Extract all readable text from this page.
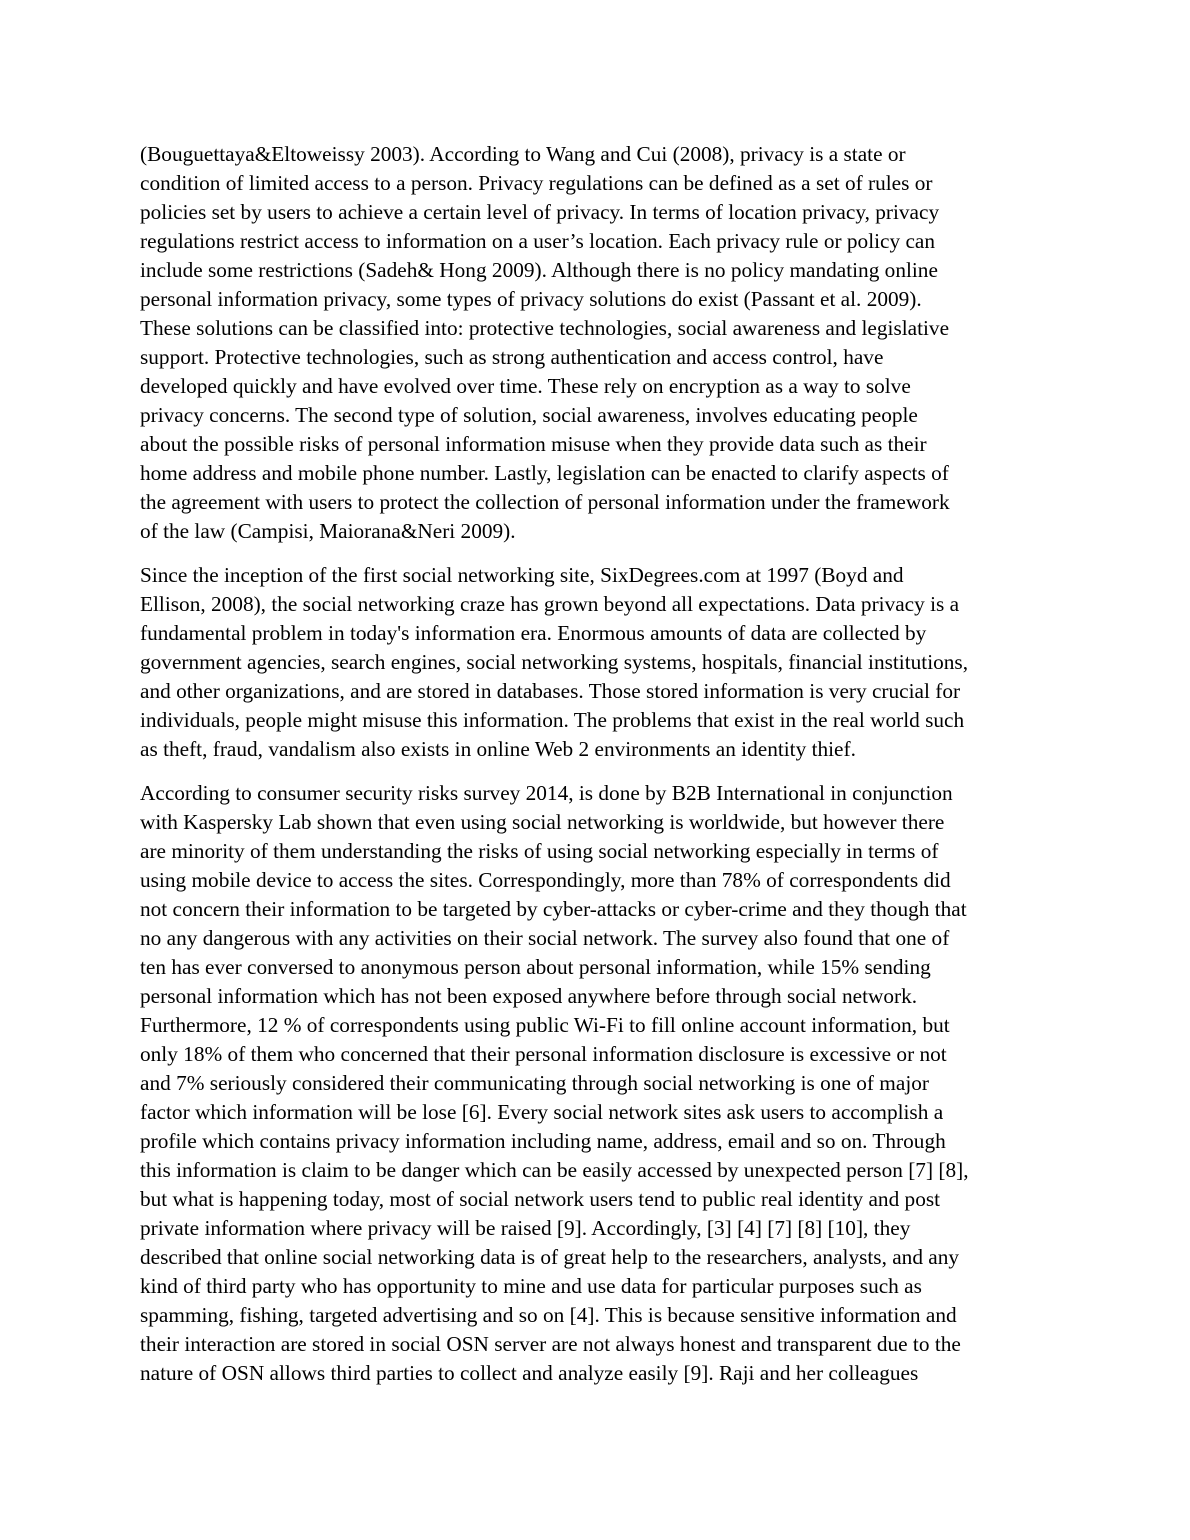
(Bouguettaya&Eltoweissy 2003). According to Wang and Cui (2008), privacy is a state or
condition of limited access to a person. Privacy regulations can be defined as a set of rules or
policies set by users to achieve a certain level of privacy. In terms of location privacy, privacy
regulations restrict access to information on a user’s location. Each privacy rule or policy can
include some restrictions (Sadeh& Hong 2009). Although there is no policy mandating online
personal information privacy, some types of privacy solutions do exist (Passant et al. 2009).
These solutions can be classified into: protective technologies, social awareness and legislative
support. Protective technologies, such as strong authentication and access control, have
developed quickly and have evolved over time. These rely on encryption as a way to solve
privacy concerns. The second type of solution, social awareness, involves educating people
about the possible risks of personal information misuse when they provide data such as their
home address and mobile phone number. Lastly, legislation can be enacted to clarify aspects of
the agreement with users to protect the collection of personal information under the framework
of the law (Campisi, Maiorana&Neri 2009).

Since the inception of the first social networking site, SixDegrees.com at 1997 (Boyd and
Ellison, 2008), the social networking craze has grown beyond all expectations. Data privacy is a
fundamental problem in today's information era. Enormous amounts of data are collected by
government agencies, search engines, social networking systems, hospitals, financial institutions,
and other organizations, and are stored in databases. Those stored information is very crucial for
individuals, people might misuse this information. The problems that exist in the real world such
as theft, fraud, vandalism also exists in online Web 2 environments an identity thief.

According to consumer security risks survey 2014, is done by B2B International in conjunction
with Kaspersky Lab shown that even using social networking is worldwide, but however there
are minority of them understanding the risks of using social networking especially in terms of
using mobile device to access the sites. Correspondingly, more than 78% of correspondents did
not concern their information to be targeted by cyber-attacks or cyber-crime and they though that
no any dangerous with any activities on their social network. The survey also found that one of
ten has ever conversed to anonymous person about personal information, while 15% sending
personal information which has not been exposed anywhere before through social network.
Furthermore, 12 % of correspondents using public Wi-Fi to fill online account information, but
only 18% of them who concerned that their personal information disclosure is excessive or not
and 7% seriously considered their communicating through social networking is one of major
factor which information will be lose [6]. Every social network sites ask users to accomplish a
profile which contains privacy information including name, address, email and so on. Through
this information is claim to be danger which can be easily accessed by unexpected person [7] [8],
but what is happening today, most of social network users tend to public real identity and post
private information where privacy will be raised [9]. Accordingly, [3] [4] [7] [8] [10], they
described that online social networking data is of great help to the researchers, analysts, and any
kind of third party who has opportunity to mine and use data for particular purposes such as
spamming, fishing, targeted advertising and so on [4]. This is because sensitive information and
their interaction are stored in social OSN server are not always honest and transparent due to the
nature of OSN allows third parties to collect and analyze easily [9]. Raji and her colleagues
